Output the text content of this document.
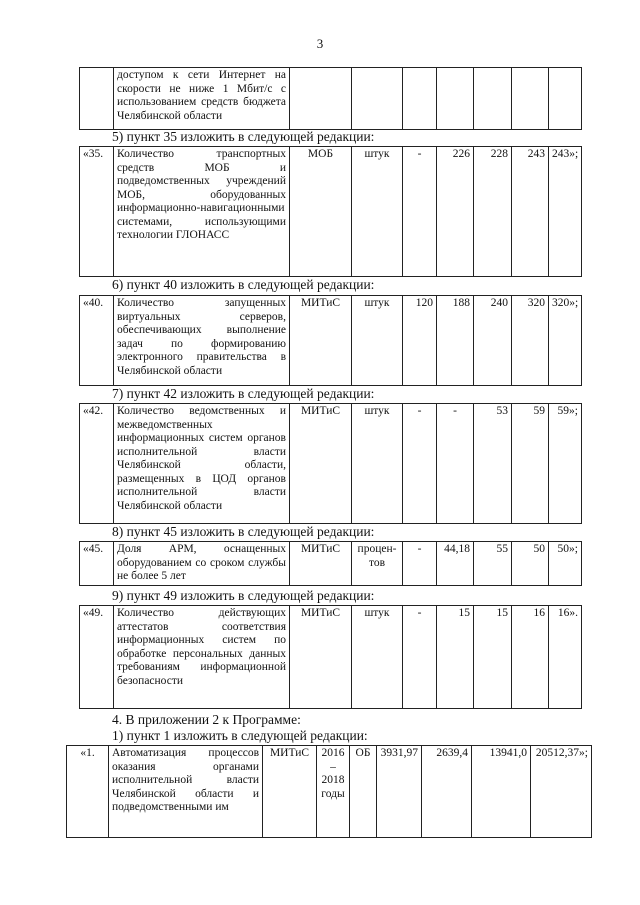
3
	доступом к сети Интернет на скорости не ниже 1 Мбит/с с использованием средств бюджета Челябинской области							
5) пункт 35 изложить в следующей редакции:
«35.	Количество транспортных средств МОБ и подведомственных учреждений МОБ, оборудованных информационно-навигационными системами, использующими технологии ГЛОНАСС	МОБ	штук	-	226	228	243	243»;
6) пункт 40 изложить в следующей редакции:
«40.	Количество запущенных виртуальных серверов, обеспечивающих выполнение задач по формированию электронного правительства в Челябинской области	МИТиС	штук	120	188	240	320	320»;
7) пункт 42 изложить в следующей редакции:
«42.	Количество ведомственных и межведомственных информационных систем органов исполнительной власти Челябинской области, размещенных в ЦОД органов исполнительной власти Челябинской области	МИТиС	штук	-	-	53	59	59»;
8) пункт 45 изложить в следующей редакции:
«45.	Доля АРМ, оснащенных оборудованием со сроком службы не более 5 лет	МИТиС	процен-тов	-	44,18	55	50	50»;
9) пункт 49 изложить в следующей редакции:
«49.	Количество действующих аттестатов соответствия информационных систем по обработке персональных данных требованиям информационной безопасности	МИТиС	штук	-	15	15	16	16».
4. В приложении 2 к Программе:
1) пункт 1 изложить в следующей редакции:
«1.	Автоматизация процессов оказания органами исполнительной власти Челябинской области и подведомственными им	МИТиС	2016 – 2018 годы	ОБ	3931,97	2639,4	13941,0	20512,37»;
